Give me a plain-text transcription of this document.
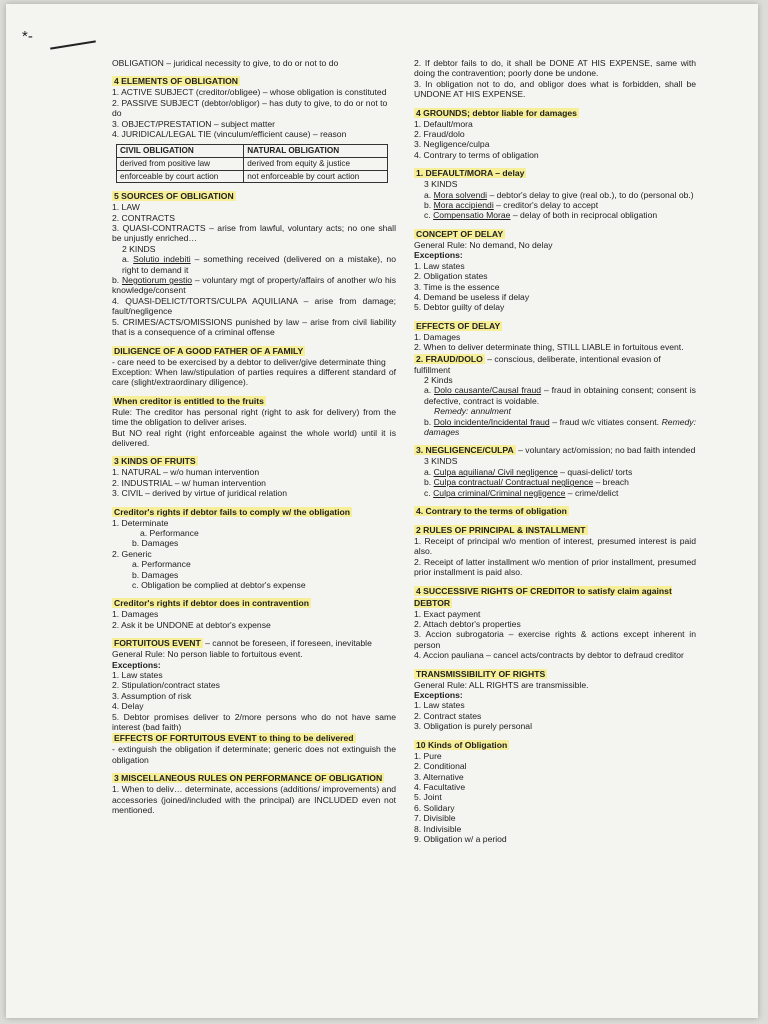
*-
OBLIGATION – juridical necessity to give, to do or not to do
4 ELEMENTS OF OBLIGATION
1. ACTIVE SUBJECT (creditor/obligee) – whose obligation is constituted
2. PASSIVE SUBJECT (debtor/obligor) – has duty to give, to do or not to do
3. OBJECT/PRESTATION – subject matter
4. JURIDICAL/LEGAL TIE (vinculum/efficient cause) – reason
CIVIL OBLIGATION	NATURAL OBLIGATION
derived from positive law	derived from equity & justice
enforceable by court action	not enforceable by court action
5 SOURCES OF OBLIGATION
1. LAW
2. CONTRACTS
3. QUASI-CONTRACTS – arise from lawful, voluntary acts; no one shall be unjustly enriched…
2 KINDS
a. Solutio indebiti – something received (delivered on a mistake), no right to demand it
b. Negotiorum gestio – voluntary mgt of property/affairs of another w/o his knowledge/consent
4. QUASI-DELICT/TORTS/CULPA AQUILIANA – arise from damage; fault/negligence
5. CRIMES/ACTS/OMISSIONS punished by law – arise from civil liability that is a consequence of a criminal offense
DILIGENCE OF A GOOD FATHER OF A FAMILY
- care need to be exercised by a debtor to deliver/give determinate thing
Exception: When law/stipulation of parties requires a different standard of care (slight/extraordinary diligence).
When creditor is entitled to the fruits
Rule: The creditor has personal right (right to ask for delivery) from the time the obligation to deliver arises.
But NO real right (right enforceable against the whole world) until it is delivered.
3 KINDS OF FRUITS
1. NATURAL – w/o human intervention
2. INDUSTRIAL – w/ human intervention
3. CIVIL – derived by virtue of juridical relation
Creditor's rights if debtor fails to comply w/ the obligation
1. Determinate
a. Performance
b. Damages
2. Generic
a. Performance
b. Damages
c. Obligation be complied at debtor's expense
Creditor's rights if debtor does in contravention
1. Damages
2. Ask it be UNDONE at debtor's expense
FORTUITOUS EVENT – cannot be foreseen, if foreseen, inevitable
General Rule: No person liable to fortuitous event.
Exceptions:
1. Law states
2. Stipulation/contract states
3. Assumption of risk
4. Delay
5. Debtor promises deliver to 2/more persons who do not have same interest (bad faith)
EFFECTS OF FORTUITOUS EVENT to thing to be delivered
- extinguish the obligation if determinate; generic does not extinguish the obligation
3 MISCELLANEOUS RULES ON PERFORMANCE OF OBLIGATION
1. When to deliv… determinate, accessions (additions/ improvements) and accessories (joined/included with the principal) are INCLUDED even not mentioned.
2. If debtor fails to do, it shall be DONE AT HIS EXPENSE, same with doing the contravention; poorly done be undone.
3. In obligation not to do, and obligor does what is forbidden, shall be UNDONE AT HIS EXPENSE.
4 GROUNDS; debtor liable for damages
1. Default/mora
2. Fraud/dolo
3. Negligence/culpa
4. Contrary to terms of obligation
1. DEFAULT/MORA – delay
3 KINDS
a. Mora solvendi – debtor's delay to give (real ob.), to do (personal ob.)
b. Mora accipiendi – creditor's delay to accept
c. Compensatio Morae – delay of both in reciprocal obligation
CONCEPT OF DELAY
General Rule: No demand, No delay
Exceptions:
1. Law states
2. Obligation states
3. Time is the essence
4. Demand be useless if delay
5. Debtor guilty of delay
EFFECTS OF DELAY
1. Damages
2. When to deliver determinate thing, STILL LIABLE in fortuitous event.
2. FRAUD/DOLO – conscious, deliberate, intentional evasion of fulfillment
2 Kinds
a. Dolo causante/Causal fraud – fraud in obtaining consent; consent is defective, contract is voidable.
Remedy: annulment
b. Dolo incidente/Incidental fraud – fraud w/c vitiates consent. Remedy: damages
3. NEGLIGENCE/CULPA – voluntary act/omission; no bad faith intended
3 KINDS
a. Culpa aquiliana/ Civil negligence – quasi-delict/ torts
b. Culpa contractual/ Contractual negligence – breach
c. Culpa criminal/Criminal negligence – crime/delict
4. Contrary to the terms of obligation
2 RULES OF PRINCIPAL & INSTALLMENT
1. Receipt of principal w/o mention of interest, presumed interest is paid also.
2. Receipt of latter installment w/o mention of prior installment, presumed prior installment is paid also.
4 SUCCESSIVE RIGHTS OF CREDITOR to satisfy claim against DEBTOR
1. Exact payment
2. Attach debtor's properties
3. Accion subrogatoria – exercise rights & actions except inherent in person
4. Accion pauliana – cancel acts/contracts by debtor to defraud creditor
TRANSMISSIBILITY OF RIGHTS
General Rule: ALL RIGHTS are transmissible.
Exceptions:
1. Law states
2. Contract states
3. Obligation is purely personal
10 Kinds of Obligation
1. Pure
2. Conditional
3. Alternative
4. Facultative
5. Joint
6. Solidary
7. Divisible
8. Indivisible
9. Obligation w/ a period
